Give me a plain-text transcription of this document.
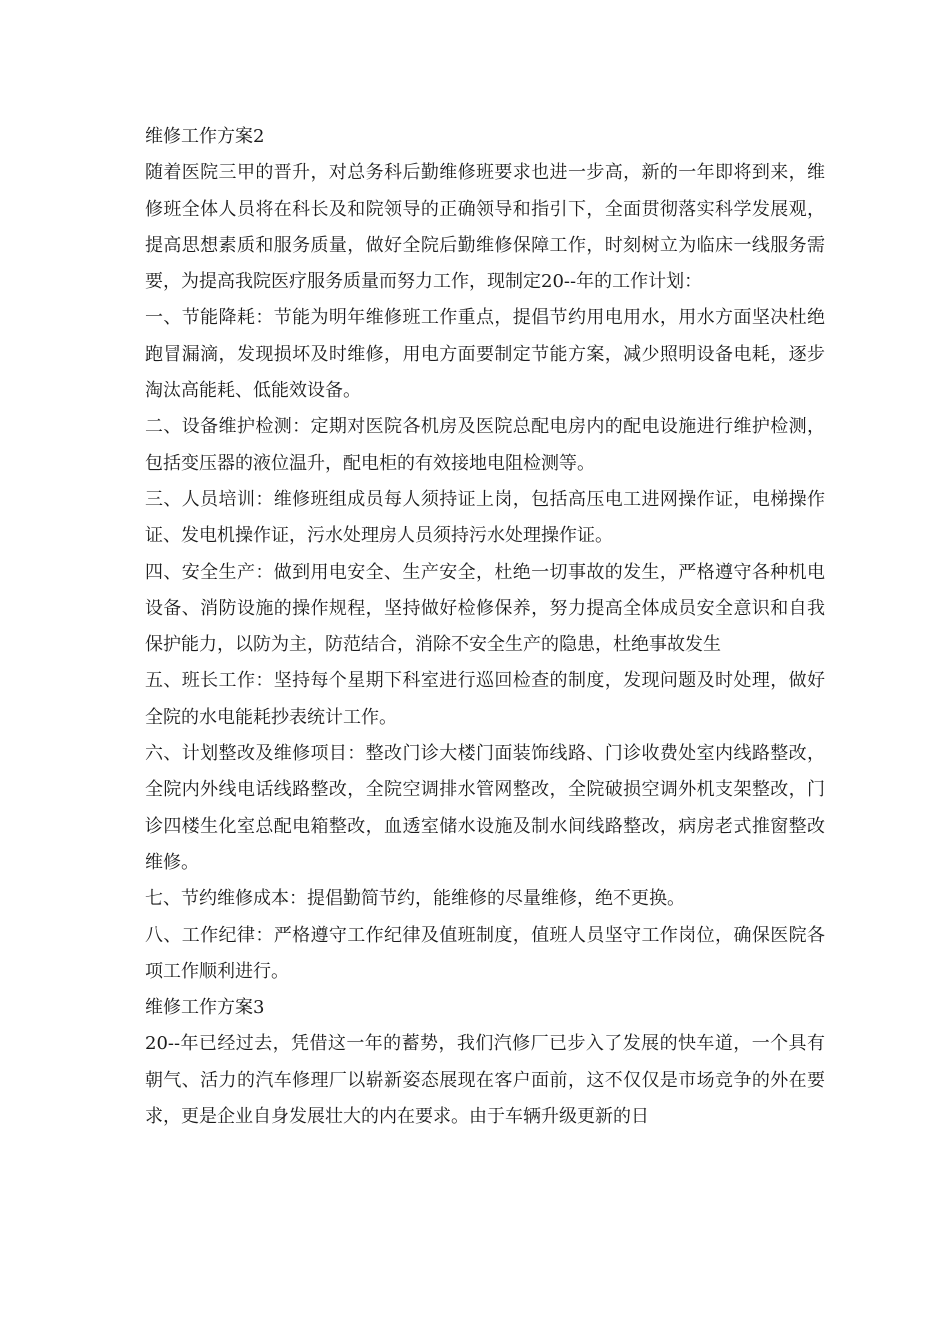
维修工作方案2

随着医院三甲的晋升，对总务科后勤维修班要求也进一步高，新的一年即将到来，维修班全体人员将在科长及和院领导的正确领导和指引下，全面贯彻落实科学发展观，提高思想素质和服务质量，做好全院后勤维修保障工作，时刻树立为临床一线服务需要，为提高我院医疗服务质量而努力工作，现制定20--年的工作计划：

一、节能降耗：节能为明年维修班工作重点，提倡节约用电用水，用水方面坚决杜绝跑冒漏滴，发现损坏及时维修，用电方面要制定节能方案，减少照明设备电耗，逐步淘汰高能耗、低能效设备。

二、设备维护检测：定期对医院各机房及医院总配电房内的配电设施进行维护检测，包括变压器的液位温升，配电柜的有效接地电阻检测等。

三、人员培训：维修班组成员每人须持证上岗，包括高压电工进网操作证，电梯操作证、发电机操作证，污水处理房人员须持污水处理操作证。

四、安全生产：做到用电安全、生产安全，杜绝一切事故的发生，严格遵守各种机电设备、消防设施的操作规程，坚持做好检修保养，努力提高全体成员安全意识和自我保护能力，以防为主，防范结合，消除不安全生产的隐患，杜绝事故发生

五、班长工作：坚持每个星期下科室进行巡回检查的制度，发现问题及时处理，做好全院的水电能耗抄表统计工作。

六、计划整改及维修项目：整改门诊大楼门面装饰线路、门诊收费处室内线路整改，全院内外线电话线路整改，全院空调排水管网整改，全院破损空调外机支架整改，门诊四楼生化室总配电箱整改，血透室储水设施及制水间线路整改，病房老式推窗整改维修。

七、节约维修成本：提倡勤简节约，能维修的尽量维修，绝不更换。

八、工作纪律：严格遵守工作纪律及值班制度，值班人员坚守工作岗位，确保医院各项工作顺利进行。

维修工作方案3

20--年已经过去，凭借这一年的蓄势，我们汽修厂已步入了发展的快车道，一个具有朝气、活力的汽车修理厂以崭新姿态展现在客户面前，这不仅仅是市场竞争的外在要求，更是企业自身发展壮大的内在要求。由于车辆升级更新的日
